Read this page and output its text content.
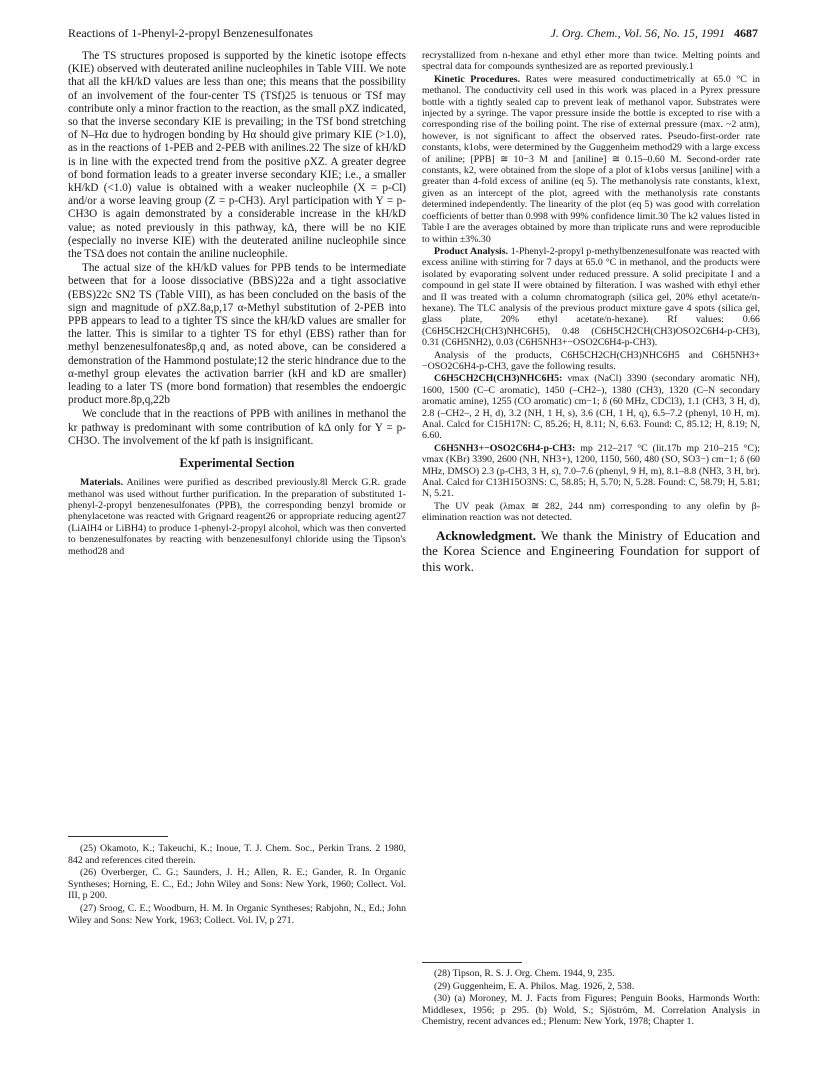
Reactions of 1-Phenyl-2-propyl Benzenesulfonates	J. Org. Chem., Vol. 56, No. 15, 1991 4687

The TS structures proposed is supported by the kinetic isotope effects (KIE) observed with deuterated aniline nucleophiles in Table VIII. We note that all the kH/kD values are less than one; this means that the possibility of an involvement of the four-center TS (TSf)25 is tenuous or TSf may contribute only a minor fraction to the reaction, as the small ρXZ indicated, so that the inverse secondary KIE is prevailing; in the TSf bond stretching of N–Hα due to hydrogen bonding by Hα should give primary KIE (>1.0), as in the reactions of 1-PEB and 2-PEB with anilines.22 The size of kH/kD is in line with the expected trend from the positive ρXZ. A greater degree of bond formation leads to a greater inverse secondary KIE; i.e., a smaller kH/kD (<1.0) value is obtained with a weaker nucleophile (X = p-Cl) and/or a worse leaving group (Z = p-CH3). Aryl participation with Y = p-CH3O is again demonstrated by a considerable increase in the kH/kD value; as noted previously in this pathway, kΔ, there will be no KIE (especially no inverse KIE) with the deuterated aniline nucleophile since the TSΔ does not contain the aniline nucleophile.

The actual size of the kH/kD values for PPB tends to be intermediate between that for a loose dissociative (BBS)22a and a tight associative (EBS)22c SN2 TS (Table VIII), as has been concluded on the basis of the sign and magnitude of ρXZ.8a,p,17 α-Methyl substitution of 2-PEB into PPB appears to lead to a tighter TS since the kH/kD values are smaller for the latter. This is similar to a tighter TS for ethyl (EBS) rather than for methyl benzenesulfonates8p,q and, as noted above, can be considered a demonstration of the Hammond postulate;12 the steric hindrance due to the α-methyl group elevates the activation barrier (kH and kD are smaller) leading to a later TS (more bond formation) that resembles the endoergic product more.8p,q,22b

We conclude that in the reactions of PPB with anilines in methanol the kr pathway is predominant with some contribution of kΔ only for Y = p-CH3O. The involvement of the kf path is insignificant.

Experimental Section

Materials. Anilines were purified as described previously.8l Merck G.R. grade methanol was used without further purification. In the preparation of substituted 1-phenyl-2-propyl benzenesulfonates (PPB), the corresponding benzyl bromide or phenylacetone was reacted with Grignard reagent26 or appropriate reducing agent27 (LiAlH4 or LiBH4) to produce 1-phenyl-2-propyl alcohol, which was then converted to benzenesulfonates by reacting with benzenesulfonyl chloride using the Tipson's method28 and

recrystallized from n-hexane and ethyl ether more than twice. Melting points and spectral data for compounds synthesized are as reported previously.1

Kinetic Procedures. Rates were measured conductimetrically at 65.0 °C in methanol. The conductivity cell used in this work was placed in a Pyrex pressure bottle with a tightly sealed cap to prevent leak of methanol vapor. Substrates were injected by a syringe. The vapor pressure inside the bottle is excepted to rise with a corresponding rise of the boiling point. The rise of external pressure (max. ~2 atm), however, is not significant to affect the observed rates. Pseudo-first-order rate constants, k1obs, were determined by the Guggenheim method29 with a large excess of aniline; [PPB] ≅ 10−3 M and [aniline] ≅ 0.15–0.60 M. Second-order rate constants, k2, were obtained from the slope of a plot of k1obs versus [aniline] with a greater than 4-fold excess of aniline (eq 5). The methanolysis rate constants, k1ext, given as an intercept of the plot, agreed with the methanolysis rate constants determined independently. The linearity of the plot (eq 5) was good with correlation coefficients of better than 0.998 with 99% confidence limit.30 The k2 values listed in Table I are the averages obtained by more than triplicate runs and were reproducible to within ±3%.30

Product Analysis. 1-Phenyl-2-propyl p-methylbenzenesulfonate was reacted with excess aniline with stirring for 7 days at 65.0 °C in methanol, and the products were isolated by evaporating solvent under reduced pressure. A solid precipitate I and a compound in gel state II were obtained by filteration. I was washed with ethyl ether and II was treated with a column chromatograph (silica gel, 20% ethyl acetate/n-hexane). The TLC analysis of the previous product mixture gave 4 spots (silica gel, glass plate, 20% ethyl acetate/n-hexane). Rf values: 0.66 (C6H5CH2CH(CH3)NHC6H5), 0.48 (C6H5CH2CH(CH3)OSO2C6H4-p-CH3), 0.31 (C6H5NH2), 0.03 (C6H5NH3+−OSO2C6H4-p-CH3).

Analysis of the products, C6H5CH2CH(CH3)NHC6H5 and C6H5NH3+−OSO2C6H4-p-CH3, gave the following results.

C6H5CH2CH(CH3)NHC6H5: νmax (NaCl) 3390 (secondary aromatic NH), 1600, 1500 (C–C aromatic), 1450 (–CH2–), 1380 (CH3), 1320 (C–N secondary aromatic amine), 1255 (CO aromatic) cm−1; δ (60 MHz, CDCl3), 1.1 (CH3, 3 H, d), 2.8 (–CH2–, 2 H, d), 3.2 (NH, 1 H, s), 3.6 (CH, 1 H, q), 6.5–7.2 (phenyl, 10 H, m). Anal. Calcd for C15H17N: C, 85.26; H, 8.11; N, 6.63. Found: C, 85.12; H, 8.19; N, 6.60.

C6H5NH3+−OSO2C6H4-p-CH3: mp 212–217 °C (lit.17b mp 210–215 °C); νmax (KBr) 3390, 2600 (NH, NH3+), 1200, 1150, 560, 480 (SO, SO3−) cm−1; δ (60 MHz, DMSO) 2.3 (p-CH3, 3 H, s), 7.0–7.6 (phenyl, 9 H, m), 8.1–8.8 (NH3, 3 H, br). Anal. Calcd for C13H15O3NS: C, 58.85; H, 5.70; N, 5.28. Found: C, 58.79; H, 5.81; N, 5.21.

The UV peak (λmax ≅ 282, 244 nm) corresponding to any olefin by β-elimination reaction was not detected.

Acknowledgment. We thank the Ministry of Education and the Korea Science and Engineering Foundation for support of this work.

(25) Okamoto, K.; Takeuchi, K.; Inoue, T. J. Chem. Soc., Perkin Trans. 2 1980, 842 and references cited therein.

(26) Overberger, C. G.; Saunders, J. H.; Allen, R. E.; Gander, R. In Organic Syntheses; Horning, E. C., Ed.; John Wiley and Sons: New York, 1960; Collect. Vol. III, p 200.

(27) Sroog, C. E.; Woodburn, H. M. In Organic Syntheses; Rabjohn, N., Ed.; John Wiley and Sons: New York, 1963; Collect. Vol. IV, p 271.

(28) Tipson, R. S. J. Org. Chem. 1944, 9, 235.

(29) Guggenheim, E. A. Philos. Mag. 1926, 2, 538.

(30) (a) Moroney, M. J. Facts from Figures; Penguin Books, Harmonds Worth: Middlesex, 1956; p 295. (b) Wold, S.; Sjöström, M. Correlation Analysis in Chemistry, recent advances ed.; Plenum: New York, 1978; Chapter 1.
